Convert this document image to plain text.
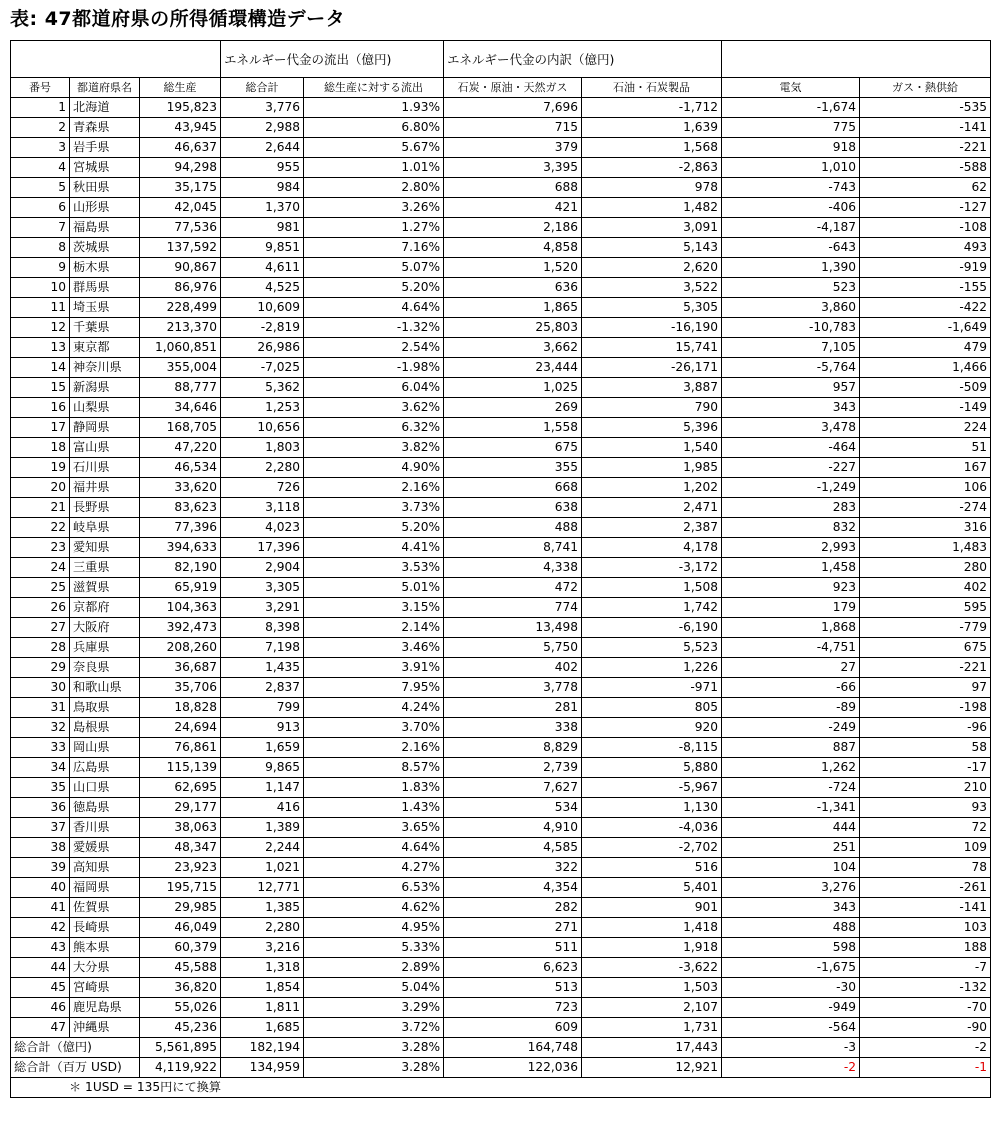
表: 47都道府県の所得循環構造データ
			エネルギー代金の流出（億円)		エネルギー代金の内訳（億円)			
番号	都道府県名	総生産	総合計	総生産に対する流出	石炭・原油・天然ガス	石油・石炭製品	電気	ガス・熱供給
1	北海道	195,823	3,776	1.93%	7,696	-1,712	-1,674	-535
2	青森県	43,945	2,988	6.80%	715	1,639	775	-141
3	岩手県	46,637	2,644	5.67%	379	1,568	918	-221
4	宮城県	94,298	955	1.01%	3,395	-2,863	1,010	-588
5	秋田県	35,175	984	2.80%	688	978	-743	62
6	山形県	42,045	1,370	3.26%	421	1,482	-406	-127
7	福島県	77,536	981	1.27%	2,186	3,091	-4,187	-108
8	茨城県	137,592	9,851	7.16%	4,858	5,143	-643	493
9	栃木県	90,867	4,611	5.07%	1,520	2,620	1,390	-919
10	群馬県	86,976	4,525	5.20%	636	3,522	523	-155
11	埼玉県	228,499	10,609	4.64%	1,865	5,305	3,860	-422
12	千葉県	213,370	-2,819	-1.32%	25,803	-16,190	-10,783	-1,649
13	東京都	1,060,851	26,986	2.54%	3,662	15,741	7,105	479
14	神奈川県	355,004	-7,025	-1.98%	23,444	-26,171	-5,764	1,466
15	新潟県	88,777	5,362	6.04%	1,025	3,887	957	-509
16	山梨県	34,646	1,253	3.62%	269	790	343	-149
17	静岡県	168,705	10,656	6.32%	1,558	5,396	3,478	224
18	富山県	47,220	1,803	3.82%	675	1,540	-464	51
19	石川県	46,534	2,280	4.90%	355	1,985	-227	167
20	福井県	33,620	726	2.16%	668	1,202	-1,249	106
21	長野県	83,623	3,118	3.73%	638	2,471	283	-274
22	岐阜県	77,396	4,023	5.20%	488	2,387	832	316
23	愛知県	394,633	17,396	4.41%	8,741	4,178	2,993	1,483
24	三重県	82,190	2,904	3.53%	4,338	-3,172	1,458	280
25	滋賀県	65,919	3,305	5.01%	472	1,508	923	402
26	京都府	104,363	3,291	3.15%	774	1,742	179	595
27	大阪府	392,473	8,398	2.14%	13,498	-6,190	1,868	-779
28	兵庫県	208,260	7,198	3.46%	5,750	5,523	-4,751	675
29	奈良県	36,687	1,435	3.91%	402	1,226	27	-221
30	和歌山県	35,706	2,837	7.95%	3,778	-971	-66	97
31	鳥取県	18,828	799	4.24%	281	805	-89	-198
32	島根県	24,694	913	3.70%	338	920	-249	-96
33	岡山県	76,861	1,659	2.16%	8,829	-8,115	887	58
34	広島県	115,139	9,865	8.57%	2,739	5,880	1,262	-17
35	山口県	62,695	1,147	1.83%	7,627	-5,967	-724	210
36	徳島県	29,177	416	1.43%	534	1,130	-1,341	93
37	香川県	38,063	1,389	3.65%	4,910	-4,036	444	72
38	愛媛県	48,347	2,244	4.64%	4,585	-2,702	251	109
39	高知県	23,923	1,021	4.27%	322	516	104	78
40	福岡県	195,715	12,771	6.53%	4,354	5,401	3,276	-261
41	佐賀県	29,985	1,385	4.62%	282	901	343	-141
42	長崎県	46,049	2,280	4.95%	271	1,418	488	103
43	熊本県	60,379	3,216	5.33%	511	1,918	598	188
44	大分県	45,588	1,318	2.89%	6,623	-3,622	-1,675	-7
45	宮崎県	36,820	1,854	5.04%	513	1,503	-30	-132
46	鹿児島県	55,026	1,811	3.29%	723	2,107	-949	-70
47	沖縄県	45,236	1,685	3.72%	609	1,731	-564	-90
総合計（億円)		5,561,895	182,194	3.28%	164,748	17,443	-3	-2
総合計（百万 USD)		4,119,922	134,959	3.28%	122,036	12,921	-2	-1
＊ 1USD = 135円にて換算								
